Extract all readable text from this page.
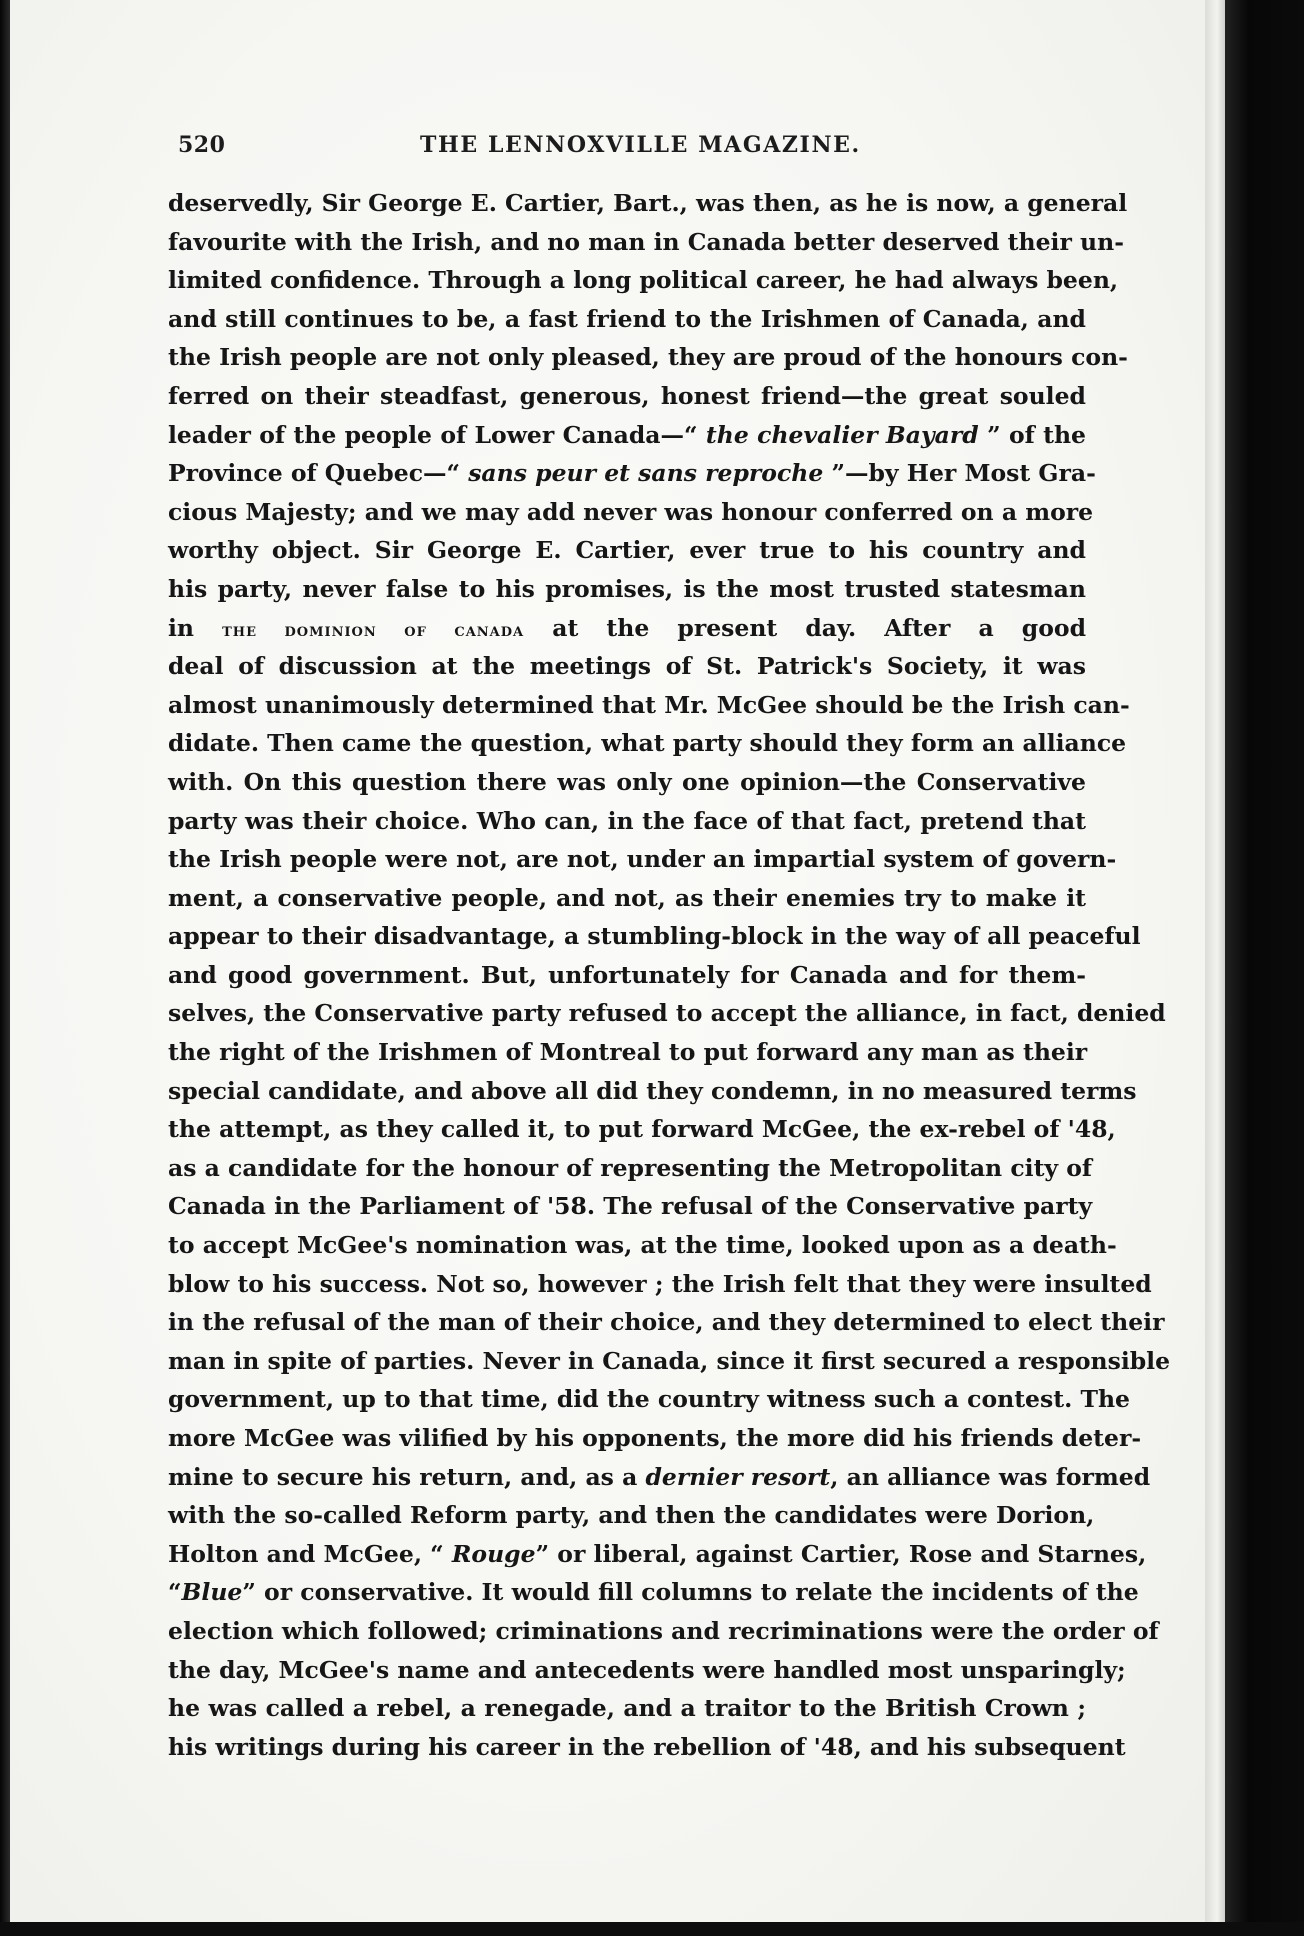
520	THE LENNOXVILLE MAGAZINE.
deservedly, Sir George E. Cartier, Bart., was then, as he is now, a general
favourite with the Irish, and no man in Canada better deserved their un-
limited confidence. Through a long political career, he had always been,
and still continues to be, a fast friend to the Irishmen of Canada, and
the Irish people are not only pleased, they are proud of the honours con-
ferred on their steadfast, generous, honest friend—the great souled
leader of the people of Lower Canada—“ the chevalier Bayard ” of the
Province of Quebec—“ sans peur et sans reproche ”—by Her Most Gra-
cious Majesty; and we may add never was honour conferred on a more
worthy object. Sir George E. Cartier, ever true to his country and
his party, never false to his promises, is the most trusted statesman
in the dominion of canada at the present day. After a good
deal of discussion at the meetings of St. Patrick's Society, it was
almost unanimously determined that Mr. McGee should be the Irish can-
didate. Then came the question, what party should they form an alliance
with. On this question there was only one opinion—the Conservative
party was their choice. Who can, in the face of that fact, pretend that
the Irish people were not, are not, under an impartial system of govern-
ment, a conservative people, and not, as their enemies try to make it
appear to their disadvantage, a stumbling-block in the way of all peaceful
and good government. But, unfortunately for Canada and for them-
selves, the Conservative party refused to accept the alliance, in fact, denied
the right of the Irishmen of Montreal to put forward any man as their
special candidate, and above all did they condemn, in no measured terms
the attempt, as they called it, to put forward McGee, the ex-rebel of '48,
as a candidate for the honour of representing the Metropolitan city of
Canada in the Parliament of '58. The refusal of the Conservative party
to accept McGee's nomination was, at the time, looked upon as a death-
blow to his success. Not so, however ; the Irish felt that they were insulted
in the refusal of the man of their choice, and they determined to elect their
man in spite of parties. Never in Canada, since it first secured a responsible
government, up to that time, did the country witness such a contest. The
more McGee was vilified by his opponents, the more did his friends deter-
mine to secure his return, and, as a dernier resort, an alliance was formed
with the so-called Reform party, and then the candidates were Dorion,
Holton and McGee, “ Rouge” or liberal, against Cartier, Rose and Starnes,
“Blue” or conservative. It would fill columns to relate the incidents of the
election which followed; criminations and recriminations were the order of
the day, McGee's name and antecedents were handled most unsparingly;
he was called a rebel, a renegade, and a traitor to the British Crown ;
his writings during his career in the rebellion of '48, and his subsequent
